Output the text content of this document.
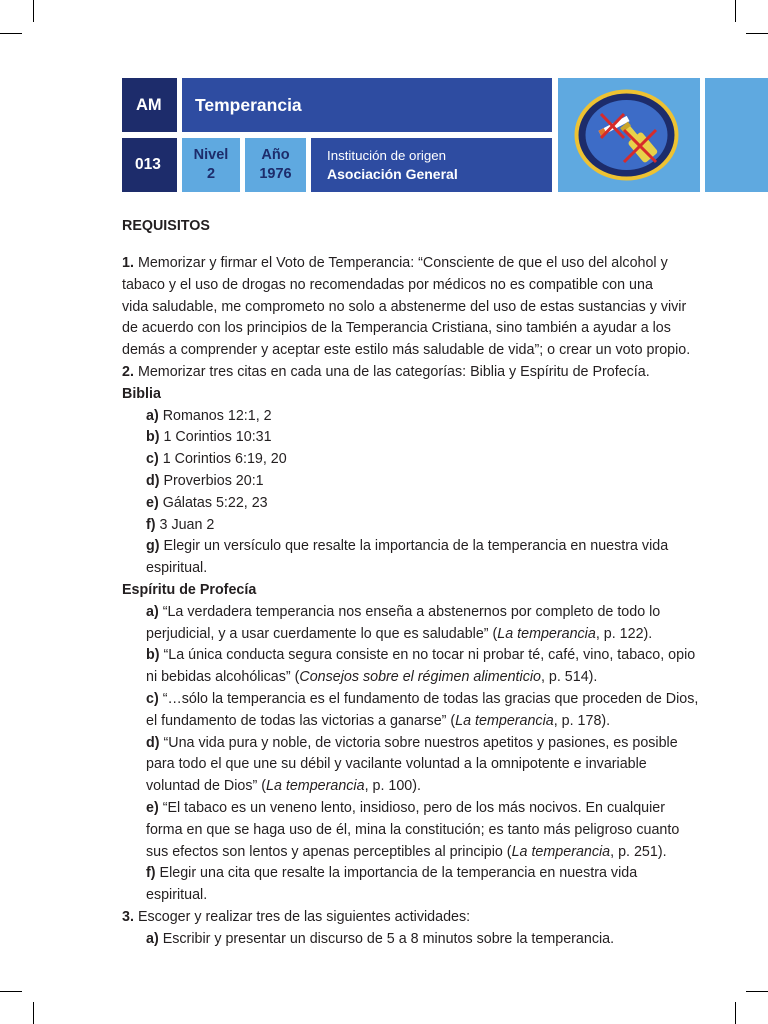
AM Temperancia
013
Nivel
2
Año
1976
Institución de origen
Asociación General
REQUISITOS
1. Memorizar y firmar el Voto de Temperancia: “Consciente de que el uso del alcohol y
tabaco y el uso de drogas no recomendadas por médicos no es compatible con una
vida saludable, me comprometo no solo a abstenerme del uso de estas sustancias y vivir
de acuerdo con los principios de la Temperancia Cristiana, sino también a ayudar a los
demás a comprender y aceptar este estilo más saludable de vida”; o crear un voto propio.
2. Memorizar tres citas en cada una de las categorías: Biblia y Espíritu de Profecía.
Biblia
a) Romanos 12:1, 2
b) 1 Corintios 10:31
c) 1 Corintios 6:19, 20
d) Proverbios 20:1
e) Gálatas 5:22, 23
f) 3 Juan 2
g) Elegir un versículo que resalte la importancia de la temperancia en nuestra vida
espiritual.
Espíritu de Profecía
a) “La verdadera temperancia nos enseña a abstenernos por completo de todo lo
perjudicial, y a usar cuerdamente lo que es saludable” (La temperancia, p. 122).
b) “La única conducta segura consiste en no tocar ni probar té, café, vino, tabaco, opio
ni bebidas alcohólicas” (Consejos sobre el régimen alimenticio, p. 514).
c) “…sólo la temperancia es el fundamento de todas las gracias que proceden de Dios,
el fundamento de todas las victorias a ganarse” (La temperancia, p. 178).
d) “Una vida pura y noble, de victoria sobre nuestros apetitos y pasiones, es posible
para todo el que une su débil y vacilante voluntad a la omnipotente e invariable
voluntad de Dios” (La temperancia, p. 100).
e) “El tabaco es un veneno lento, insidioso, pero de los más nocivos. En cualquier
forma en que se haga uso de él, mina la constitución; es tanto más peligroso cuanto
sus efectos son lentos y apenas perceptibles al principio (La temperancia, p. 251).
f) Elegir una cita que resalte la importancia de la temperancia en nuestra vida
espiritual.
3. Escoger y realizar tres de las siguientes actividades:
a) Escribir y presentar un discurso de 5 a 8 minutos sobre la temperancia.
